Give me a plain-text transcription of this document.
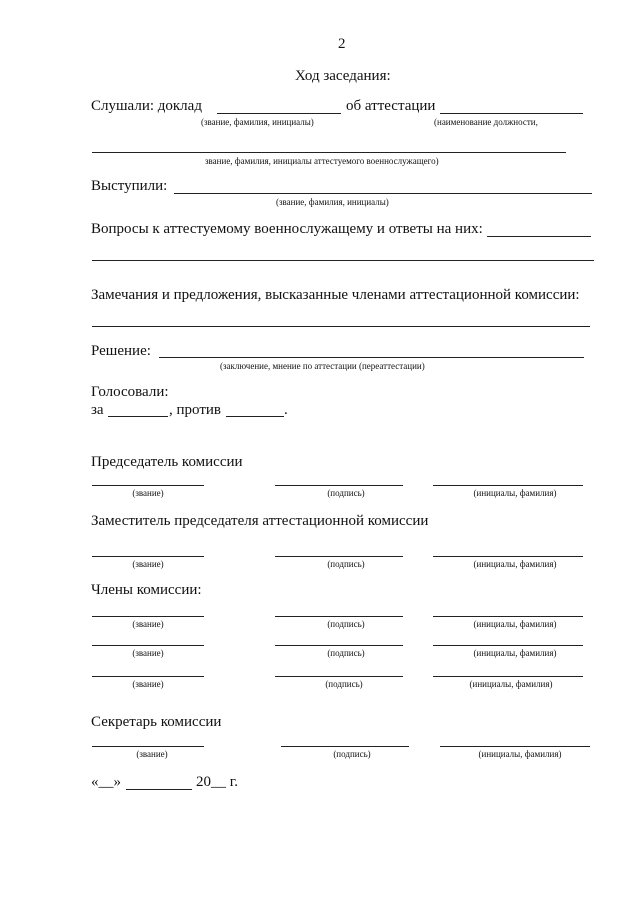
2
Ход заседания:
Слушали: доклад	об аттестации
(звание, фамилия, инициалы)	(наименование должности,
звание, фамилия, инициалы аттестуемого военнослужащего)
Выступили:
(звание, фамилия, инициалы)
Вопросы к аттестуемому военнослужащему и ответы на них:
Замечания и предложения, высказанные членами аттестационной комиссии:
Решение:
(заключение, мнение по аттестации (переаттестации)
Голосовали:
за	, против	.
Председатель комиссии
(звание)	(подпись)	(инициалы, фамилия)
Заместитель председателя аттестационной комиссии
(звание)	(подпись)	(инициалы, фамилия)
Члены комиссии:
(звание)	(подпись)	(инициалы, фамилия)
(звание)	(подпись)	(инициалы, фамилия)
(звание)	(подпись)	(инициалы, фамилия)
Секретарь комиссии
(звание)	(подпись)	(инициалы, фамилия)
«__»	20__ г.
